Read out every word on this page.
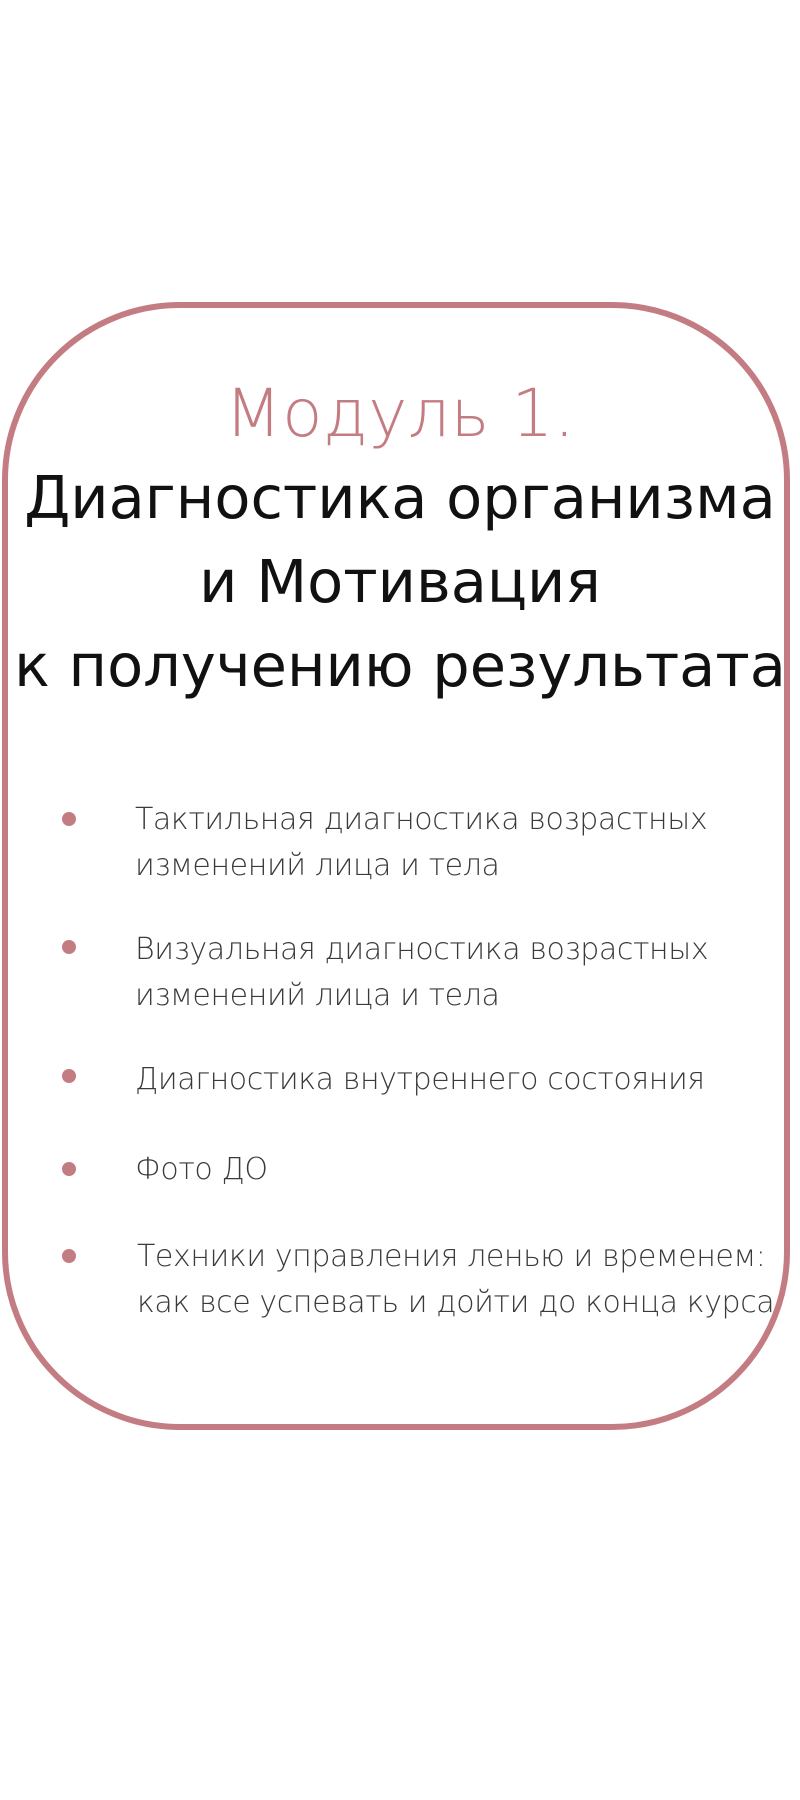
Модуль 1.
Диагностика организма
и Мотивация
к получению результата
Тактильная диагностика возрастных
изменений лица и тела
Визуальная диагностика возрастных
изменений лица и тела
Диагностика внутреннего состояния
Фото ДО
Техники управления ленью и временем:
как все успевать и дойти до конца курса
